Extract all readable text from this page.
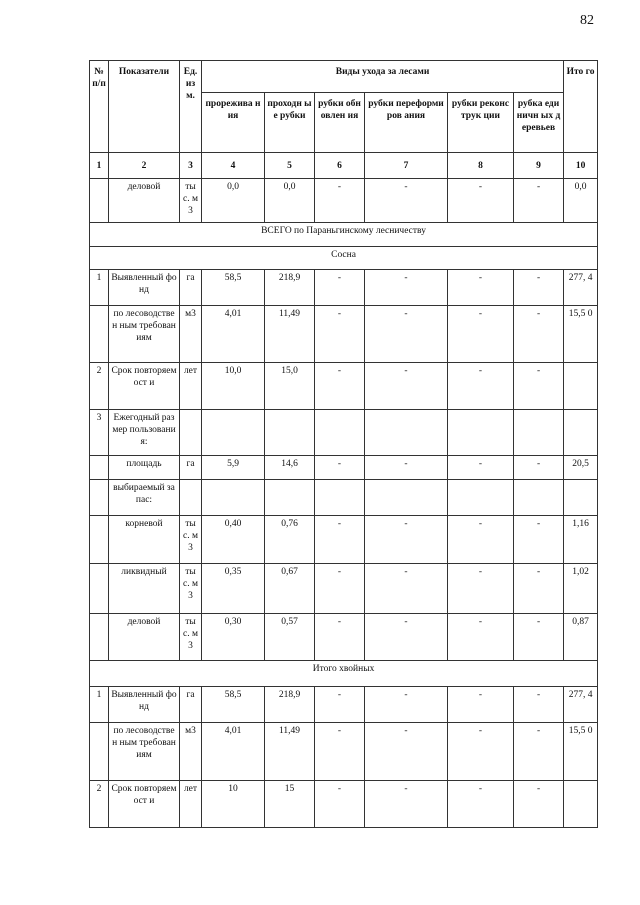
82
№ п/п	Показатели	Ед. из м.	Виды ухода за лесами						Ито го
			прорежива ния	проходн ые рубки	рубки обновлен ия	рубки переформиров ания	рубки реконструк ции	рубка единичн ых деревьев	
1	2	3	4	5	6	7	8	9	10
	деловой	ты с. м3	0,0	0,0	-	-	-	-	0,0
ВСЕГО по Параньгинскому лесничеству									
Сосна									
1	Выявленный фонд	га	58,5	218,9	-	-	-	-	277, 4
	по лесоводствен ным требованиям	м3	4,01	11,49	-	-	-	-	15,5 0
2	Срок повторяемост и	лет	10,0	15,0	-	-	-	-	
3	Ежегодный размер пользования:								
	площадь	га	5,9	14,6	-	-	-	-	20,5
	выбираемый запас:								
	корневой	ты с. м3	0,40	0,76	-	-	-	-	1,16
	ликвидный	ты с. м3	0,35	0,67	-	-	-	-	1,02
	деловой	ты с. м3	0,30	0,57	-	-	-	-	0,87
Итого хвойных									
1	Выявленный фонд	га	58,5	218,9	-	-	-	-	277, 4
	по лесоводствен ным требованиям	м3	4,01	11,49	-	-	-	-	15,5 0
2	Срок повторяемост и	лет	10	15	-	-	-	-	
